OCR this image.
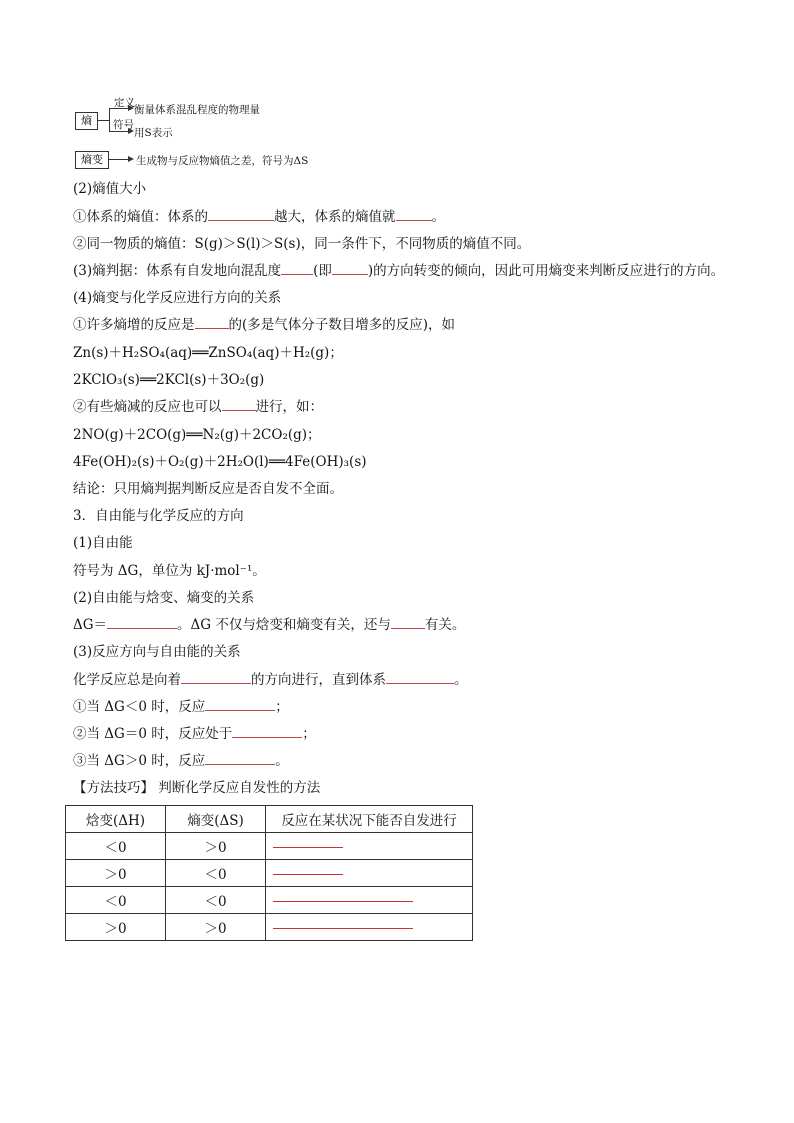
熵
定义
符号
衡量体系混乱程度的物理量
用S表示
熵变	生成物与反应物熵值之差，符号为ΔS
(2)熵值大小
①体系的熵值：体系的	越大，体系的熵值就	。
②同一物质的熵值：S(g)＞S(l)＞S(s)，同一条件下，不同物质的熵值不同。
(3)熵判据：体系有自发地向混乱度 (即	)的方向转变的倾向，因此可用熵变来判断反应进行的方向。
(4)熵变与化学反应进行方向的关系
①许多熵增的反应是	的(多是气体分子数目增多的反应)，如
Zn(s)＋H₂SO₄(aq)══ZnSO₄(aq)＋H₂(g)；
2KClO₃(s)══2KCl(s)＋3O₂(g)
②有些熵减的反应也可以	进行，如：
2NO(g)＋2CO(g)══N₂(g)＋2CO₂(g)；
4Fe(OH)₂(s)＋O₂(g)＋2H₂O(l)══4Fe(OH)₃(s)
结论：只用熵判据判断反应是否自发不全面。
3．自由能与化学反应的方向
(1)自由能
符号为 ΔG，单位为 kJ·mol⁻¹。
(2)自由能与焓变、熵变的关系
ΔG＝	。ΔG 不仅与焓变和熵变有关，还与	有关。
(3)反应方向与自由能的关系
化学反应总是向着	的方向进行，直到体系	。
①当 ΔG＜0 时，反应	；
②当 ΔG＝0 时，反应处于	；
③当 ΔG＞0 时，反应	。
【方法技巧】 判断化学反应自发性的方法
焓变(ΔH)	熵变(ΔS)	反应在某状况下能否自发进行
＜0	＞0	
＞0	＜0	
＜0	＜0	
＞0	＞0	
